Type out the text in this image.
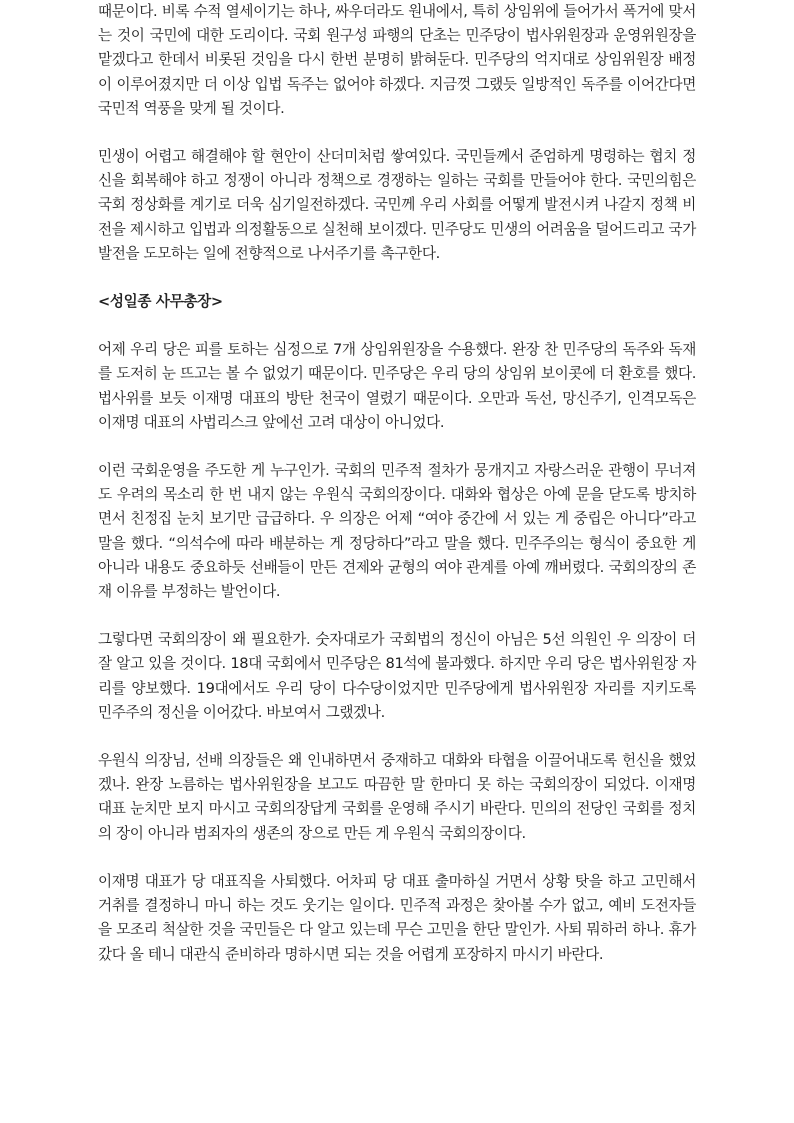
때문이다. 비록 수적 열세이기는 하나, 싸우더라도 원내에서, 특히 상임위에 들어가서 폭거에 맞서는 것이 국민에 대한 도리이다. 국회 원구성 파행의 단초는 민주당이 법사위원장과 운영위원장을 맡겠다고 한데서 비롯된 것임을 다시 한번 분명히 밝혀둔다. 민주당의 억지대로 상임위원장 배정이 이루어졌지만 더 이상 입법 독주는 없어야 하겠다. 지금껏 그랬듯 일방적인 독주를 이어간다면 국민적 역풍을 맞게 될 것이다.

민생이 어렵고 해결해야 할 현안이 산더미처럼 쌓여있다. 국민들께서 준엄하게 명령하는 협치 정신을 회복해야 하고 정쟁이 아니라 정책으로 경쟁하는 일하는 국회를 만들어야 한다. 국민의힘은 국회 정상화를 계기로 더욱 심기일전하겠다. 국민께 우리 사회를 어떻게 발전시켜 나갈지 정책 비전을 제시하고 입법과 의정활동으로 실천해 보이겠다. 민주당도 민생의 어려움을 덜어드리고 국가 발전을 도모하는 일에 전향적으로 나서주기를 촉구한다.

<성일종 사무총장>

어제 우리 당은 피를 토하는 심정으로 7개 상임위원장을 수용했다. 완장 찬 민주당의 독주와 독재를 도저히 눈 뜨고는 볼 수 없었기 때문이다. 민주당은 우리 당의 상임위 보이콧에 더 환호를 했다. 법사위를 보듯 이재명 대표의 방탄 천국이 열렸기 때문이다. 오만과 독선, 망신주기, 인격모독은 이재명 대표의 사법리스크 앞에선 고려 대상이 아니었다.

이런 국회운영을 주도한 게 누구인가. 국회의 민주적 절차가 뭉개지고 자랑스러운 관행이 무너져도 우려의 목소리 한 번 내지 않는 우원식 국회의장이다. 대화와 협상은 아예 문을 닫도록 방치하면서 친정집 눈치 보기만 급급하다. 우 의장은 어제 “여야 중간에 서 있는 게 중립은 아니다”라고 말을 했다. “의석수에 따라 배분하는 게 정당하다”라고 말을 했다. 민주주의는 형식이 중요한 게 아니라 내용도 중요하듯 선배들이 만든 견제와 균형의 여야 관계를 아예 깨버렸다. 국회의장의 존재 이유를 부정하는 발언이다.

그렇다면 국회의장이 왜 필요한가. 숫자대로가 국회법의 정신이 아님은 5선 의원인 우 의장이 더 잘 알고 있을 것이다. 18대 국회에서 민주당은 81석에 불과했다. 하지만 우리 당은 법사위원장 자리를 양보했다. 19대에서도 우리 당이 다수당이었지만 민주당에게 법사위원장 자리를 지키도록 민주주의 정신을 이어갔다. 바보여서 그랬겠나.

우원식 의장님, 선배 의장들은 왜 인내하면서 중재하고 대화와 타협을 이끌어내도록 헌신을 했었겠나. 완장 노름하는 법사위원장을 보고도 따끔한 말 한마디 못 하는 국회의장이 되었다. 이재명 대표 눈치만 보지 마시고 국회의장답게 국회를 운영해 주시기 바란다. 민의의 전당인 국회를 정치의 장이 아니라 범죄자의 생존의 장으로 만든 게 우원식 국회의장이다.

이재명 대표가 당 대표직을 사퇴했다. 어차피 당 대표 출마하실 거면서 상황 탓을 하고 고민해서 거취를 결정하니 마니 하는 것도 웃기는 일이다. 민주적 과정은 찾아볼 수가 없고, 예비 도전자들을 모조리 척살한 것을 국민들은 다 알고 있는데 무슨 고민을 한단 말인가. 사퇴 뭐하러 하나. 휴가 갔다 올 테니 대관식 준비하라 명하시면 되는 것을 어렵게 포장하지 마시기 바란다.
